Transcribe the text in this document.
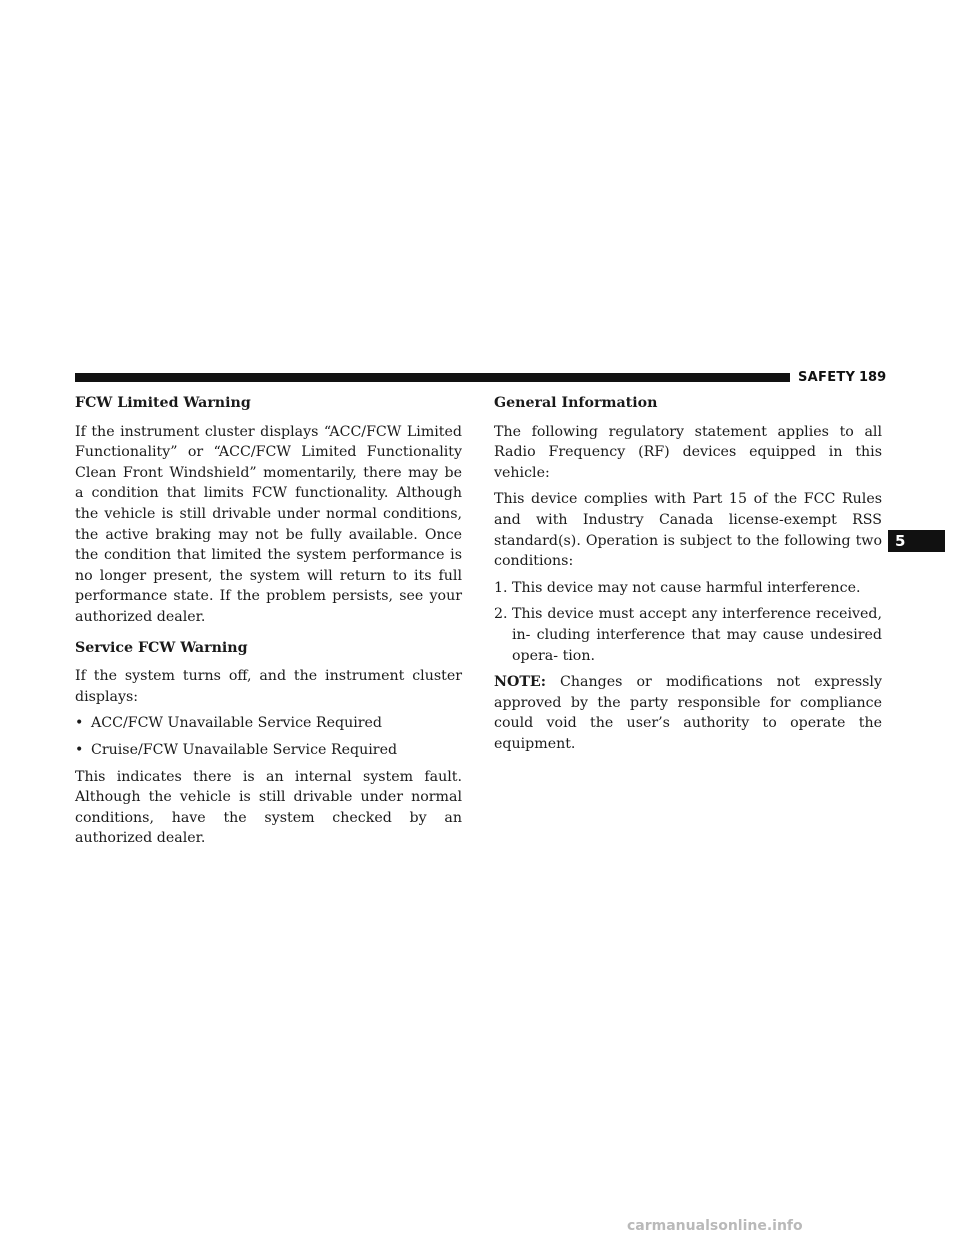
SAFETY 189
5
FCW Limited Warning

If the instrument cluster displays “ACC/FCW Limited Functionality” or “ACC/FCW Limited Functionality Clean Front Windshield” momentarily, there may be a condition that limits FCW functionality. Although the vehicle is still drivable under normal conditions, the active braking may not be fully available. Once the condition that limited the system performance is no longer present, the system will return to its full performance state. If the problem persists, see your authorized dealer.

Service FCW Warning

If the system turns off, and the instrument cluster displays:

• ACC/FCW Unavailable Service Required
• Cruise/FCW Unavailable Service Required

This indicates there is an internal system fault. Although the vehicle is still drivable under normal conditions, have the system checked by an authorized dealer.

General Information

The following regulatory statement applies to all Radio Frequency (RF) devices equipped in this vehicle:

This device complies with Part 15 of the FCC Rules and with Industry Canada license-exempt RSS standard(s). Operation is subject to the following two conditions:

1. This device may not cause harmful interference.
2. This device must accept any interference received, in- cluding interference that may cause undesired opera- tion.

NOTE: Changes or modifications not expressly approved by the party responsible for compliance could void the user’s authority to operate the equipment.

carmanualsonline.info
